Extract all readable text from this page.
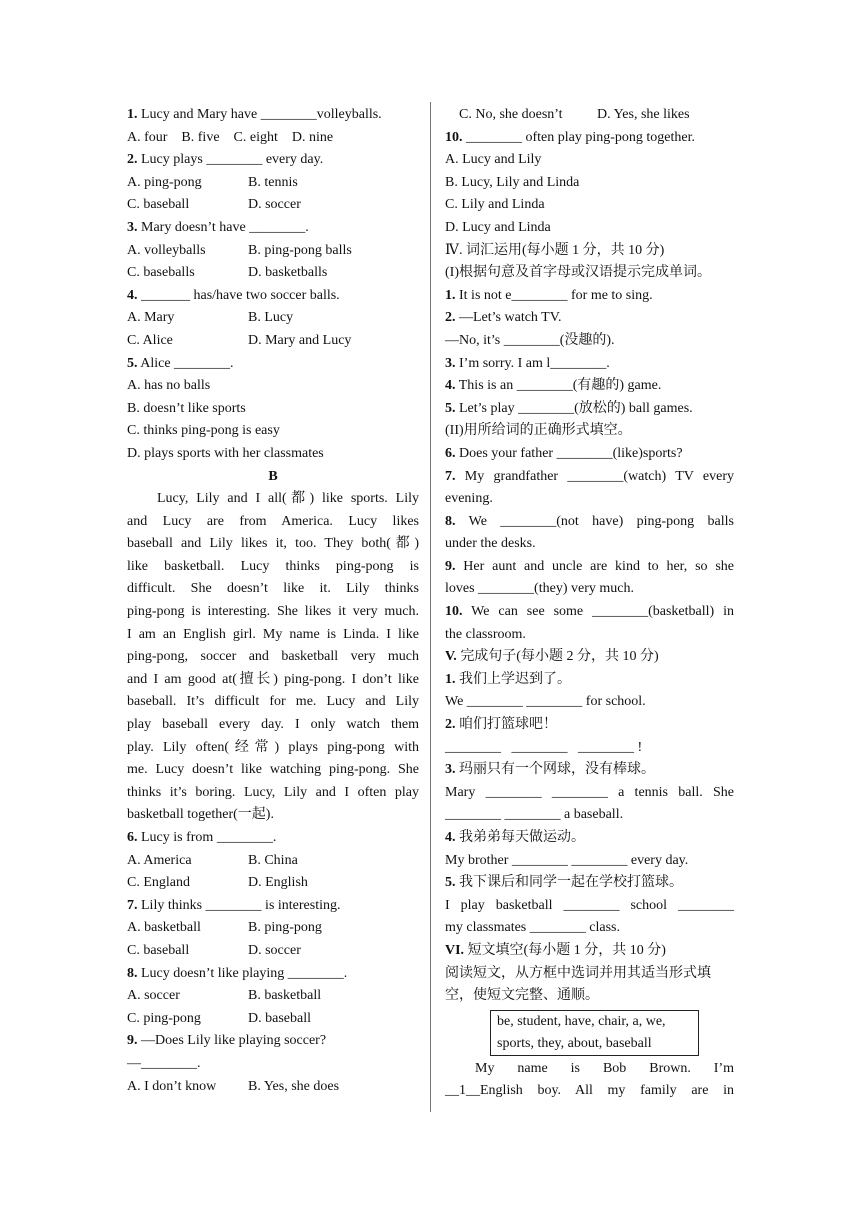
1. Lucy and Mary have ________volleyballs.
A. four    B. five    C. eight    D. nine
2. Lucy plays ________ every day.
A. ping-pong	B. tennis
C. baseball	D. soccer
3. Mary doesn’t have ________.
A. volleyballs	B. ping-pong balls
C. baseballs	D. basketballs
4. _______ has/have two soccer balls.
A. Mary	B. Lucy
C. Alice	D. Mary and Lucy
5. Alice ________.
A. has no balls
B. doesn’t like sports
C. thinks ping-pong is easy
D. plays sports with her classmates
B
Lucy, Lily and I all(都) like sports. Lily
and Lucy are from America. Lucy likes
baseball and Lily likes it, too. They both(都)
like basketball. Lucy thinks ping-pong is
difficult. She doesn’t like it. Lily thinks
ping-pong is interesting. She likes it very much.
I am an English girl. My name is Linda. I like
ping-pong, soccer and basketball very much
and I am good at(擅长) ping-pong. I don’t like
baseball. It’s difficult for me. Lucy and Lily
play baseball every day. I only watch them
play. Lily often(经常) plays ping-pong with
me. Lucy doesn’t like watching ping-pong. She
thinks it’s boring. Lucy, Lily and I often play
basketball together(一起).
6. Lucy is from ________.
A. America	B. China
C. England	D. English
7. Lily thinks ________ is interesting.
A. basketball	B. ping-pong
C. baseball	D. soccer
8. Lucy doesn’t like playing ________.
A. soccer	B. basketball
C. ping-pong	D. baseball
9. —Does Lily like playing soccer?
—________.
A. I don’t know	B. Yes, she does
C. No, she doesn’t	D. Yes, she likes
10. ________ often play ping-pong together.
A. Lucy and Lily
B. Lucy, Lily and Linda
C. Lily and Linda
D. Lucy and Linda
Ⅳ. 词汇运用(每小题 1 分，共 10 分)
(I)根据句意及首字母或汉语提示完成单词。
1. It is not e________ for me to sing.
2. —Let’s watch TV.
—No, it’s ________(没趣的).
3. I’m sorry. I am l________.
4. This is an ________(有趣的) game.
5. Let’s play ________(放松的) ball games.
(II)用所给词的正确形式填空。
6. Does your father ________(like)sports?
7. My grandfather ________(watch) TV every
evening.
8. We ________(not have) ping-pong balls
under the desks.
9. Her aunt and uncle are kind to her, so she
loves ________(they) very much.
10. We can see some ________(basketball) in
the classroom.
V. 完成句子(每小题 2 分，共 10 分)
1. 我们上学迟到了。
We ________ ________ for school.
2. 咱们打篮球吧！
________   ________   ________ !
3. 玛丽只有一个网球，没有棒球。
Mary ________ ________ a tennis ball. She
________ ________ a baseball.
4. 我弟弟每天做运动。
My brother ________ ________ every day.
5. 我下课后和同学一起在学校打篮球。
I play basketball ________ school ________
my classmates ________ class.
VI. 短文填空(每小题 1 分，共 10 分)
阅读短文，从方框中选词并用其适当形式填
空，使短文完整、通顺。
be, student, have, chair, a, we,
sports, they, about, baseball
My name is Bob Brown. I’m
__1__English boy. All my family are in
